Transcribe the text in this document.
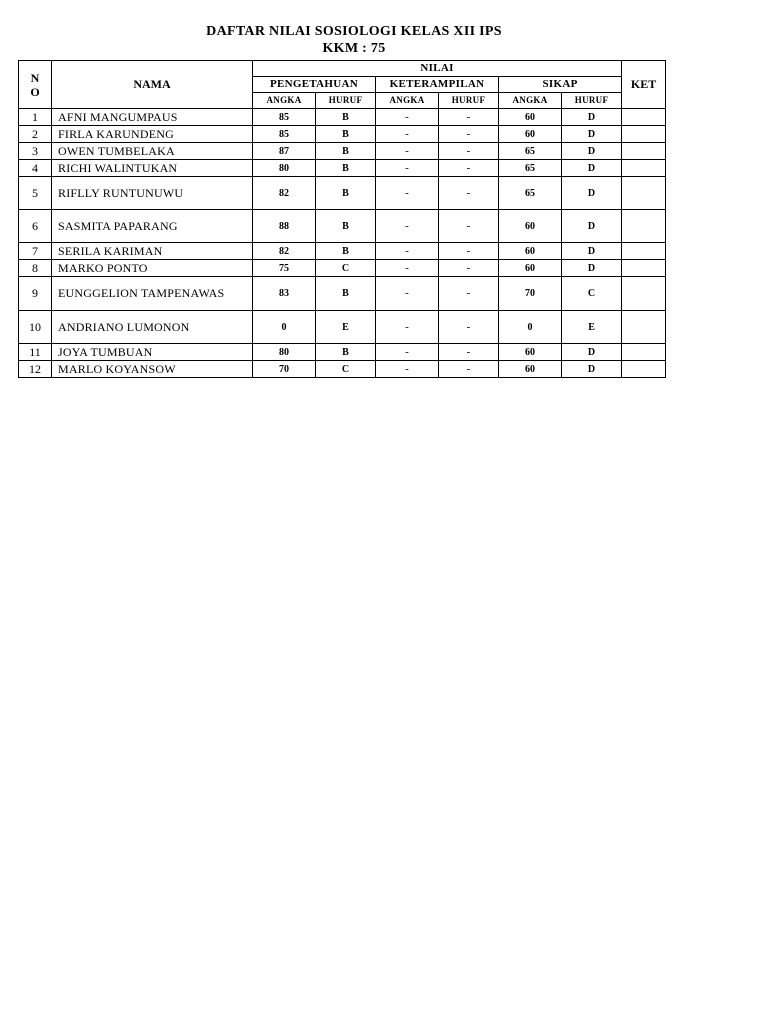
DAFTAR NILAI SOSIOLOGI KELAS XII IPS
KKM : 75
N
O	NAMA	NILAI						KET
		PENGETAHUAN		KETERAMPILAN		SIKAP		
		ANGKA	HURUF	ANGKA	HURUF	ANGKA	HURUF	
1	AFNI MANGUMPAUS	85	B	-	-	60	D	
2	FIRLA KARUNDENG	85	B	-	-	60	D	
3	OWEN TUMBELAKA	87	B	-	-	65	D	
4	RICHI WALINTUKAN	80	B	-	-	65	D	
5	RIFLLY RUNTUNUWU	82	B	-	-	65	D	
6	SASMITA PAPARANG	88	B	-	-	60	D	
7	SERILA KARIMAN	82	B	-	-	60	D	
8	MARKO PONTO	75	C	-	-	60	D	
9	EUNGGELION TAMPENAWAS	83	B	-	-	70	C	
10	ANDRIANO LUMONON	0	E	-	-	0	E	
11	JOYA TUMBUAN	80	B	-	-	60	D	
12	MARLO KOYANSOW	70	C	-	-	60	D	
